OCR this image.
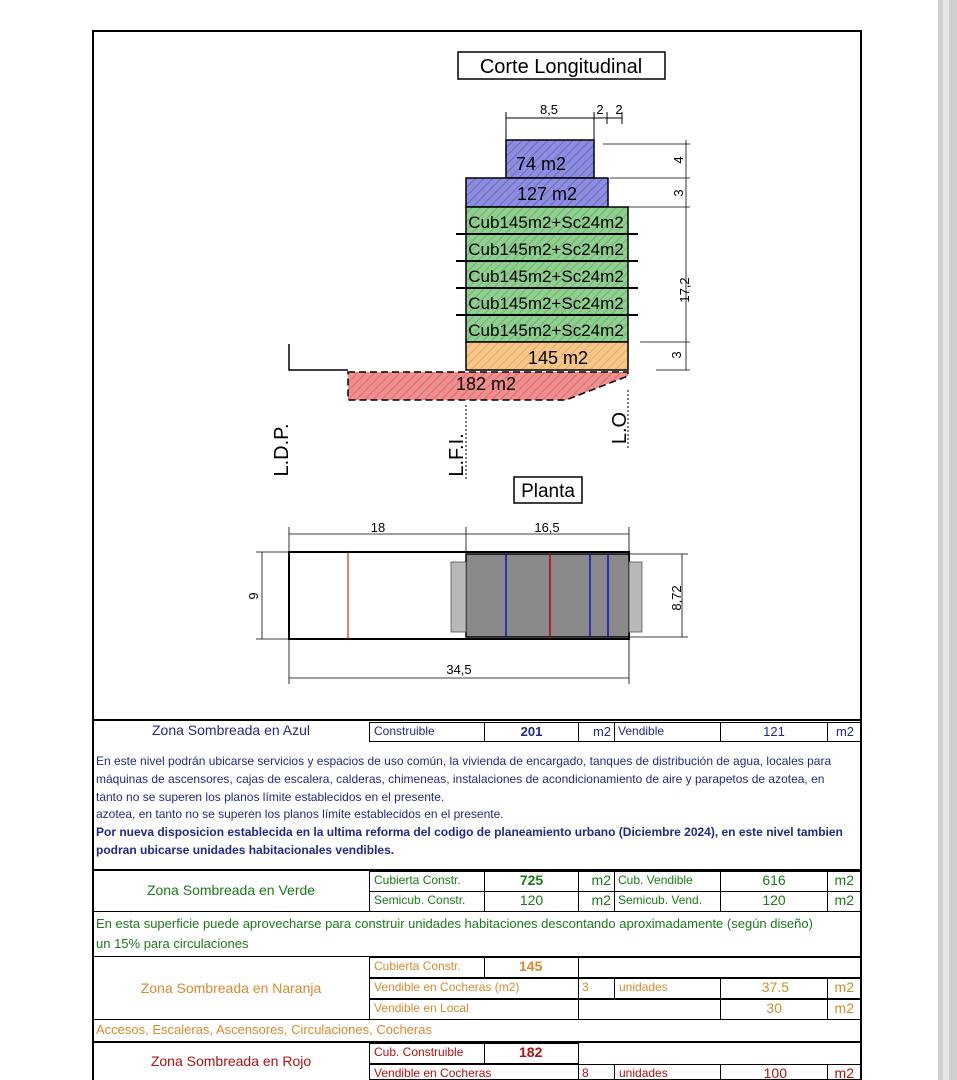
Corte Longitudinal
8,5	2 2
74 m2
127 m2
Cub145m2+Sc24m2
Cub145m2+Sc24m2
Cub145m2+Sc24m2
Cub145m2+Sc24m2
Cub145m2+Sc24m2
145 m2
182 m2
4
3
17,2
3
L.D.P.	L.F.I.
L.O
Planta
18	16,5
9	8,72
34,5
Zona Sombreada en Azul	Construible	201	m2 Vendible	121	m2
En este nivel podrán ubicarse servicios y espacios de uso común, la vivienda de encargado, tanques de distribución de agua, locales para máquinas de ascensores, cajas de escalera, calderas, chimeneas, instalaciones de acondicionamiento de aire y parapetos de azotea, en tanto no se superen los planos límite establecidos en el presente.
azotea, en tanto no se superen los planos límite establecidos en el presente.
Por nueva disposicion establecida en la ultima reforma del codigo de planeamiento urbano (Diciembre 2024), en este nivel tambien podran ubicarse unidades habitacionales vendibles.
Zona Sombreada en Verde
Cubierta Constr.	725	m2 Cub. Vendible	616	m2
Semicub. Constr.	120	m2 Semicub. Vend.	120	m2
En esta superficie puede aprovecharse para construir unidades habitaciones descontando aproximadamente (según diseño) un 15% para circulaciones
Zona Sombreada en Naranja
Cubierta Constr.	145
Vendible en Cocheras (m2)	3	unidades	37.5	m2
Vendible en Local	30	m2
Accesos, Escaleras, Ascensores, Circulaciones, Cocheras
Zona Sombreada en Rojo
Cub. Construible	182
Vendible en Cocheras	8	unidades	100	m2
